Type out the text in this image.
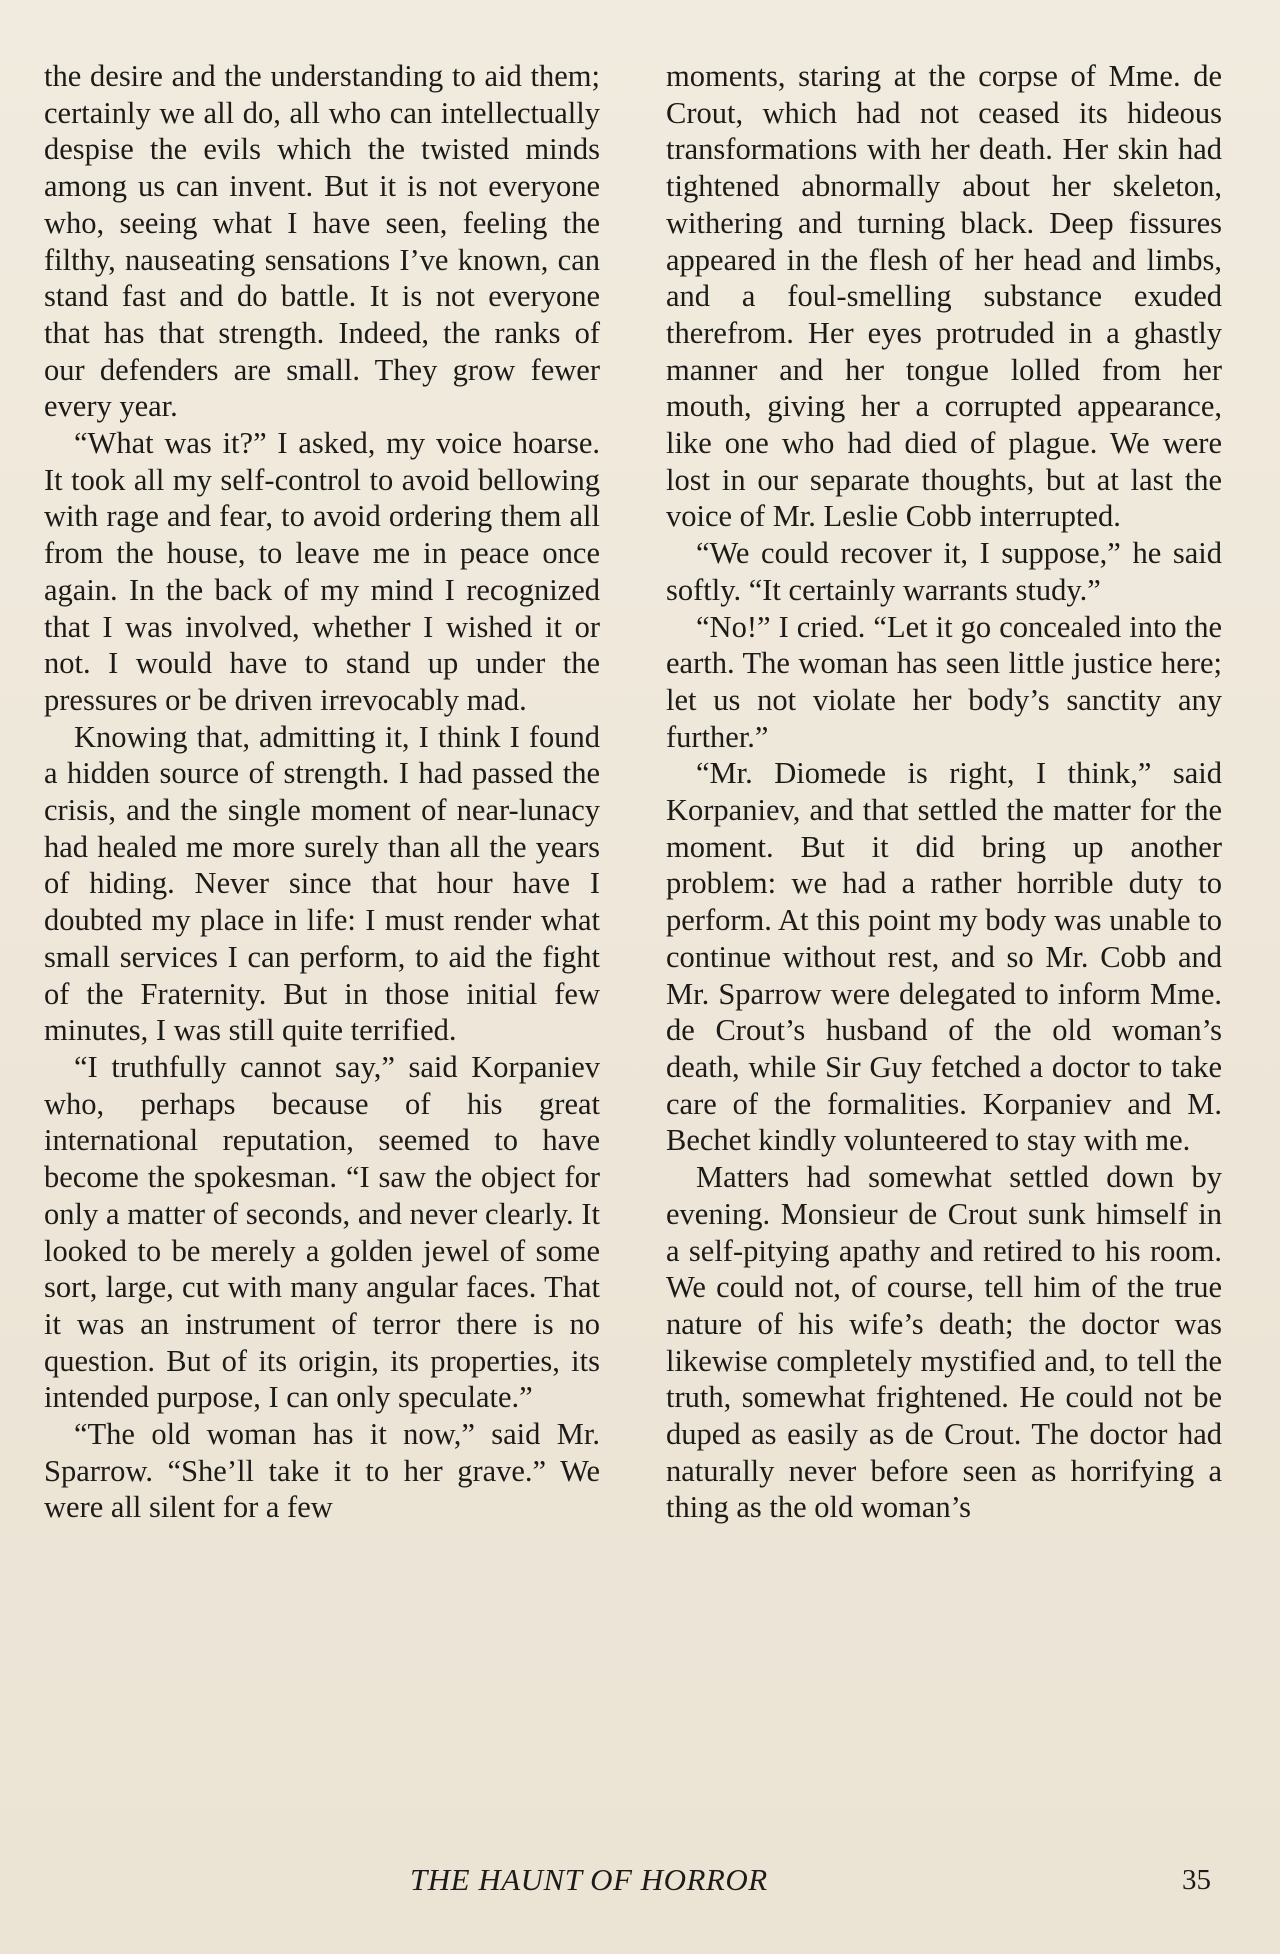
the desire and the understanding to aid them; certainly we all do, all who can intellectually despise the evils which the twisted minds among us can invent. But it is not everyone who, seeing what I have seen, feeling the filthy, nauseating sensations I’ve known, can stand fast and do battle. It is not everyone that has that strength. Indeed, the ranks of our defenders are small. They grow fewer every year.

“What was it?” I asked, my voice hoarse. It took all my self-control to avoid bellowing with rage and fear, to avoid ordering them all from the house, to leave me in peace once again. In the back of my mind I recognized that I was involved, whether I wished it or not. I would have to stand up under the pressures or be driven irrevocably mad.

Knowing that, admitting it, I think I found a hidden source of strength. I had passed the crisis, and the single moment of near-lunacy had healed me more surely than all the years of hiding. Never since that hour have I doubted my place in life: I must render what small services I can perform, to aid the fight of the Fraternity. But in those initial few minutes, I was still quite terrified.

“I truthfully cannot say,” said Korpaniev who, perhaps because of his great international reputation, seemed to have become the spokesman. “I saw the object for only a matter of seconds, and never clearly. It looked to be merely a golden jewel of some sort, large, cut with many angular faces. That it was an instrument of terror there is no question. But of its origin, its properties, its intended purpose, I can only speculate.”

“The old woman has it now,” said Mr. Sparrow. “She’ll take it to her grave.” We were all silent for a few

moments, staring at the corpse of Mme. de Crout, which had not ceased its hideous transformations with her death. Her skin had tightened abnormally about her skeleton, withering and turning black. Deep fissures appeared in the flesh of her head and limbs, and a foul-smelling substance exuded therefrom. Her eyes protruded in a ghastly manner and her tongue lolled from her mouth, giving her a corrupted appearance, like one who had died of plague. We were lost in our separate thoughts, but at last the voice of Mr. Leslie Cobb interrupted.

“We could recover it, I suppose,” he said softly. “It certainly warrants study.”

“No!” I cried. “Let it go concealed into the earth. The woman has seen little justice here; let us not violate her body’s sanctity any further.”

“Mr. Diomede is right, I think,” said Korpaniev, and that settled the matter for the moment. But it did bring up another problem: we had a rather horrible duty to perform. At this point my body was unable to continue without rest, and so Mr. Cobb and Mr. Sparrow were delegated to inform Mme. de Crout’s husband of the old woman’s death, while Sir Guy fetched a doctor to take care of the formalities. Korpaniev and M. Bechet kindly volunteered to stay with me.

Matters had somewhat settled down by evening. Monsieur de Crout sunk himself in a self-pitying apathy and retired to his room. We could not, of course, tell him of the true nature of his wife’s death; the doctor was likewise completely mystified and, to tell the truth, somewhat frightened. He could not be duped as easily as de Crout. The doctor had naturally never before seen as horrifying a thing as the old woman’s

THE HAUNT OF HORROR	35
